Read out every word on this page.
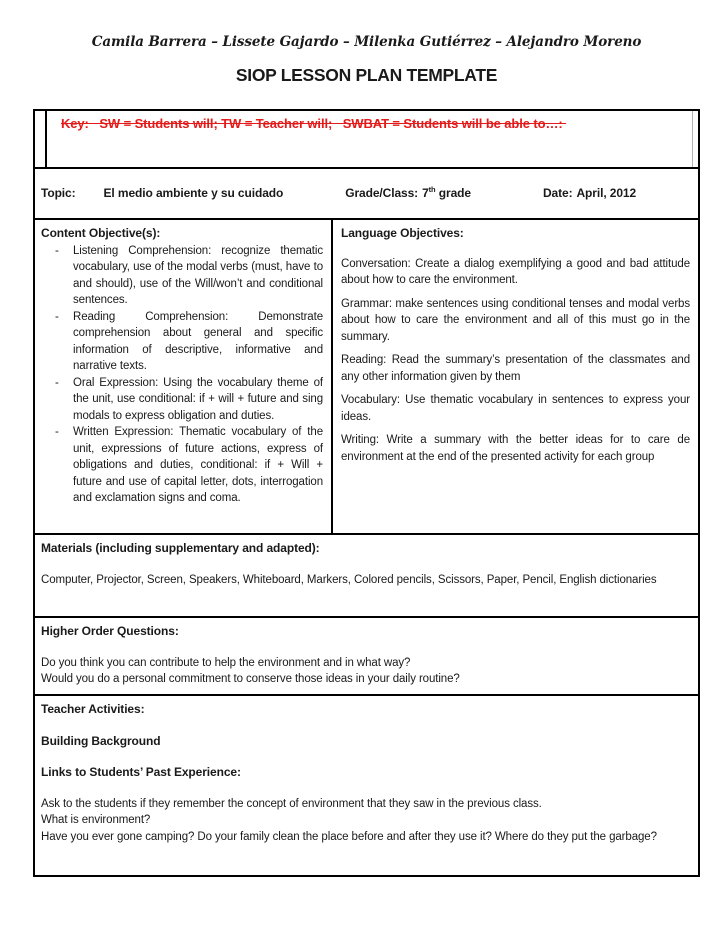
Camila Barrera – Lissete Gajardo – Milenka Gutiérrez – Alejandro Moreno
SIOP LESSON PLAN TEMPLATE
Key:   SW = Students will; TW = Teacher will;   SWBAT = Students will be able to…:
Topic: El medio ambiente y su cuidado	Grade/Class: 7th grade	Date: April, 2012
Content Objective(s):
- Listening Comprehension: recognize thematic vocabulary, use of the modal verbs (must, have to and should), use of the Will/won’t and conditional sentences.
- Reading Comprehension: Demonstrate comprehension about general and specific information of descriptive, informative and narrative texts.
- Oral Expression: Using the vocabulary theme of the unit, use conditional: if + will + future and sing modals to express obligation and duties.
- Written Expression: Thematic vocabulary of the unit, expressions of future actions, express of obligations and duties, conditional: if + Will + future and use of capital letter, dots, interrogation and exclamation signs and coma.
Language Objectives:

Conversation: Create a dialog exemplifying a good and bad attitude about how to care the environment.

Grammar: make sentences using conditional tenses and modal verbs about how to care the environment and all of this must go in the summary.

Reading: Read the summary’s presentation of the classmates and any other information given by them

Vocabulary: Use thematic vocabulary in sentences to express your ideas.

Writing: Write a summary with the better ideas for to care de environment at the end of the presented activity for each group

Materials (including supplementary and adapted):
Computer, Projector, Screen, Speakers, Whiteboard, Markers, Colored pencils, Scissors, Paper, Pencil, English dictionaries
Higher Order Questions:
Do you think you can contribute to help the environment and in what way?
Would you do a personal commitment to conserve those ideas in your daily routine?
Teacher Activities:
Building Background
Links to Students’ Past Experience:
Ask to the students if they remember the concept of environment that they saw in the previous class.
What is environment?
Have you ever gone camping? Do your family clean the place before and after they use it? Where do they put the garbage?
